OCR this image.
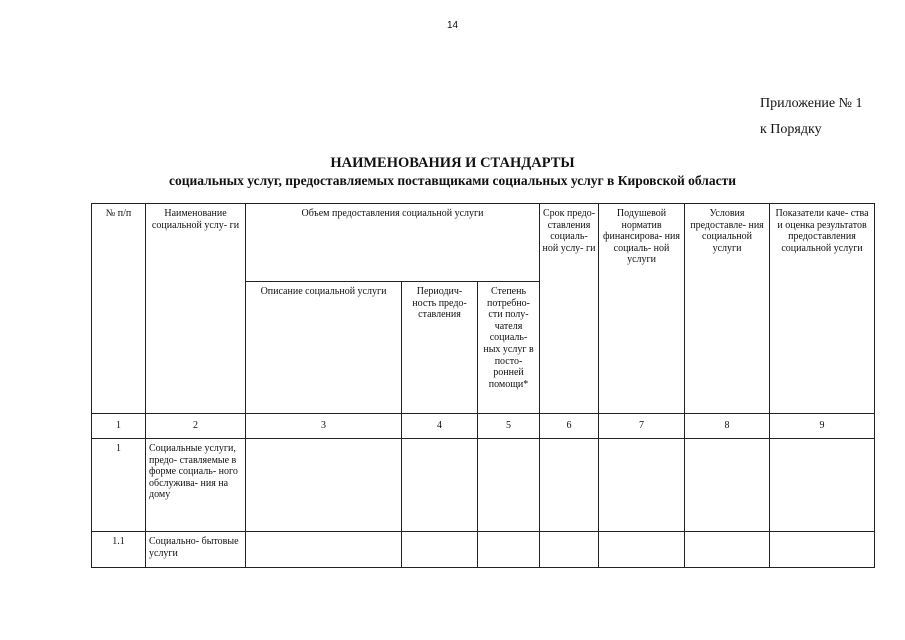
14
Приложение № 1
к Порядку
НАИМЕНОВАНИЯ И СТАНДАРТЫ
социальных услуг, предоставляемых поставщиками социальных услуг в Кировской области
№ п/п	Наименование социальной услу- ги	Объем предоставления социальной услуги			Срок предо- ставления социаль- ной услу- ги	Подушевой норматив финансирова- ния социаль- ной услуги	Условия предоставле- ния социальной услуги	Показатели каче- ства и оценка результатов предоставления социальной услуги
		Описание социальной услуги	Периодич- ность предо- ставления	Степень потребно- сти полу- чателя социаль- ных услуг в посто- ронней помощи*				
1	2	3	4	5	6	7	8	9
1	Социальные услуги, предо- ставляемые в форме социаль- ного обслужива- ния на дому							
1.1	Социально- бытовые услуги							
